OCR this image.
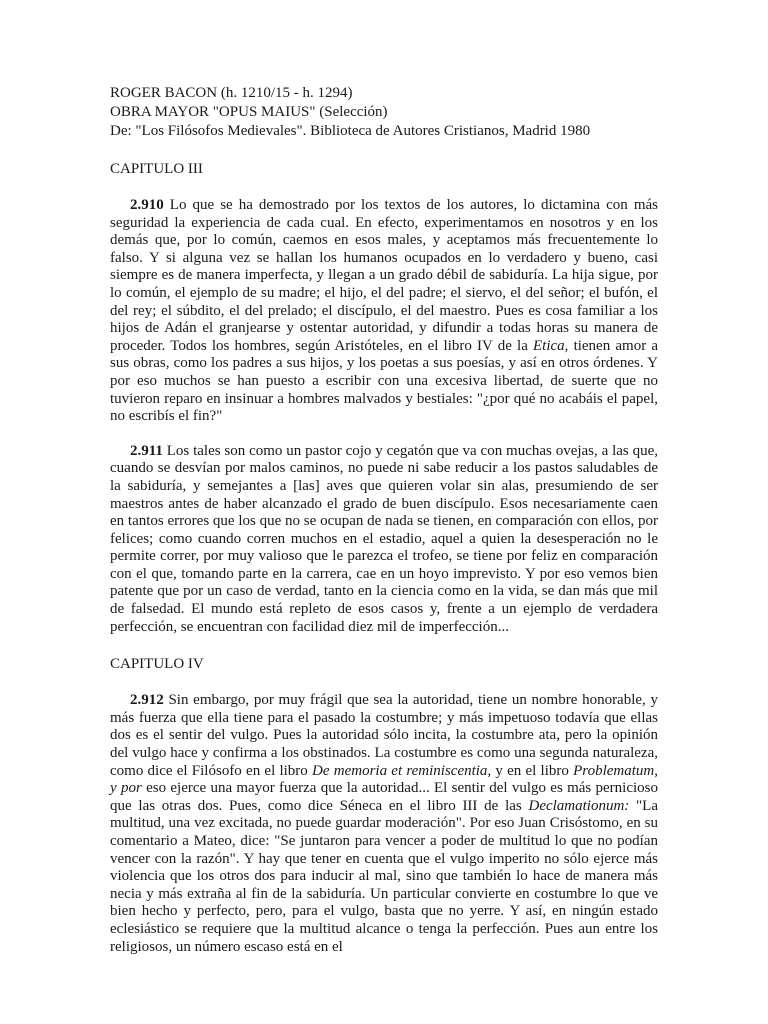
ROGER BACON (h. 1210/15 - h. 1294)

OBRA MAYOR "OPUS MAIUS" (Selección)

De: "Los Filósofos Medievales". Biblioteca de Autores Cristianos, Madrid 1980

CAPITULO III

2.910 Lo que se ha demostrado por los textos de los autores, lo dictamina con más seguridad la experiencia de cada cual. En efecto, experimentamos en nosotros y en los demás que, por lo común, caemos en esos males, y aceptamos más frecuentemente lo falso. Y si alguna vez se hallan los humanos ocupados en lo verdadero y bueno, casi siempre es de manera imperfecta, y llegan a un grado débil de sabiduría. La hija sigue, por lo común, el ejemplo de su madre; el hijo, el del padre; el siervo, el del señor; el bufón, el del rey; el súbdito, el del prelado; el discípulo, el del maestro. Pues es cosa familiar a los hijos de Adán el granjearse y ostentar autoridad, y difundir a todas horas su manera de proceder. Todos los hombres, según Aristóteles, en el libro IV de la Etica, tienen amor a sus obras, como los padres a sus hijos, y los poetas a sus poesías, y así en otros órdenes. Y por eso muchos se han puesto a escribir con una excesiva libertad, de suerte que no tuvieron reparo en insinuar a hombres malvados y bestiales: "¿por qué no acabáis el papel, no escribís el fin?"

2.911 Los tales son como un pastor cojo y cegatón que va con muchas ovejas, a las que, cuando se desvían por malos caminos, no puede ni sabe reducir a los pastos saludables de la sabiduría, y semejantes a [las] aves que quieren volar sin alas, presumiendo de ser maestros antes de haber alcanzado el grado de buen discípulo. Esos necesariamente caen en tantos errores que los que no se ocupan de nada se tienen, en comparación con ellos, por felices; como cuando corren muchos en el estadio, aquel a quien la desesperación no le permite correr, por muy valioso que le parezca el trofeo, se tiene por feliz en comparación con el que, tomando parte en la carrera, cae en un hoyo imprevisto. Y por eso vemos bien patente que por un caso de verdad, tanto en la ciencia como en la vida, se dan más que mil de falsedad. El mundo está repleto de esos casos y, frente a un ejemplo de verdadera perfección, se encuentran con facilidad diez mil de imperfección...

CAPITULO IV

2.912 Sin embargo, por muy frágil que sea la autoridad, tiene un nombre honorable, y más fuerza que ella tiene para el pasado la costumbre; y más impetuoso todavía que ellas dos es el sentir del vulgo. Pues la autoridad sólo incita, la costumbre ata, pero la opinión del vulgo hace y confirma a los obstinados. La costumbre es como una segunda naturaleza, como dice el Filósofo en el libro De memoria et reminiscentia, y en el libro Problematum, y por eso ejerce una mayor fuerza que la autoridad... El sentir del vulgo es más pernicioso que las otras dos. Pues, como dice Séneca en el libro III de las Declamationum: "La multitud, una vez excitada, no puede guardar moderación". Por eso Juan Crisóstomo, en su comentario a Mateo, dice: "Se juntaron para vencer a poder de multitud lo que no podían vencer con la razón". Y hay que tener en cuenta que el vulgo imperito no sólo ejerce más violencia que los otros dos para inducir al mal, sino que también lo hace de manera más necia y más extraña al fin de la sabiduría. Un particular convierte en costumbre lo que ve bien hecho y perfecto, pero, para el vulgo, basta que no yerre. Y así, en ningún estado eclesiástico se requiere que la multitud alcance o tenga la perfección. Pues aun entre los religiosos, un número escaso está en el
